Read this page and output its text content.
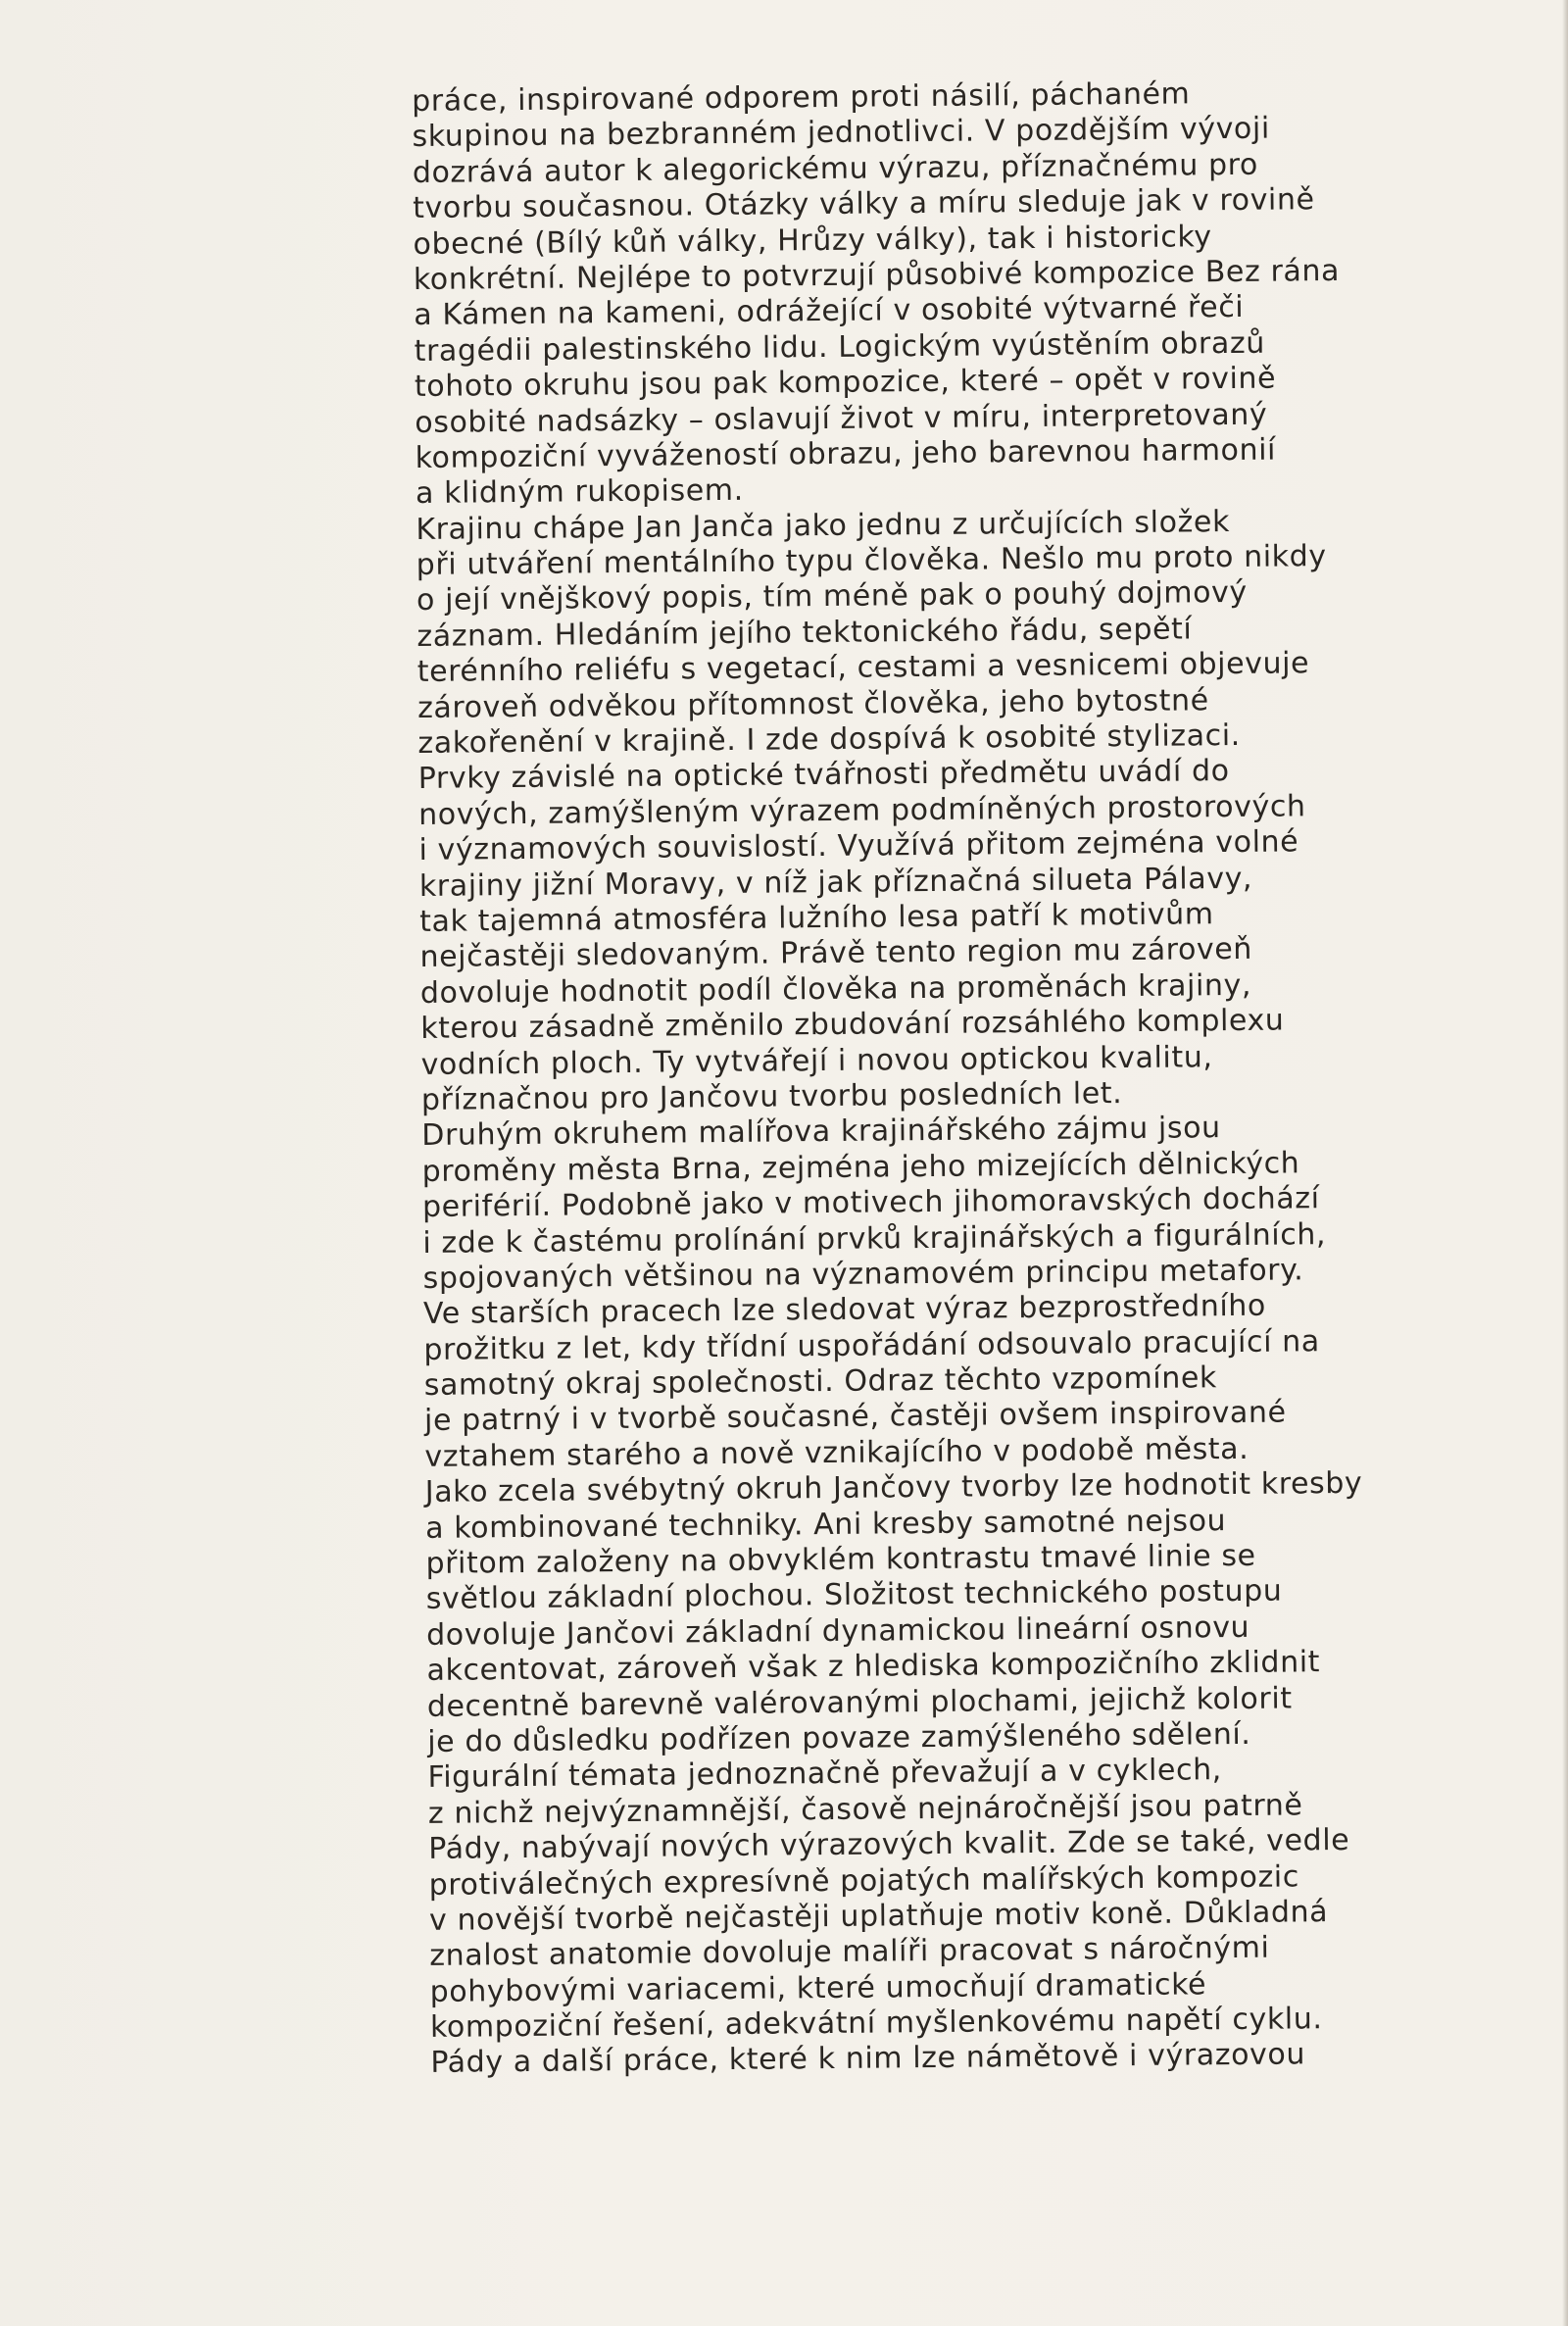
práce, inspirované odporem proti násilí, páchaném
skupinou na bezbranném jednotlivci. V pozdějším vývoji
dozrává autor k alegorickému výrazu, příznačnému pro
tvorbu současnou. Otázky války a míru sleduje jak v rovině
obecné (Bílý kůň války, Hrůzy války), tak i historicky
konkrétní. Nejlépe to potvrzují působivé kompozice Bez rána
a Kámen na kameni, odrážející v osobité výtvarné řeči
tragédii palestinského lidu. Logickým vyústěním obrazů
tohoto okruhu jsou pak kompozice, které – opět v rovině
osobité nadsázky – oslavují život v míru, interpretovaný
kompoziční vyvážeností obrazu, jeho barevnou harmonií
a klidným rukopisem.
Krajinu chápe Jan Janča jako jednu z určujících složek
při utváření mentálního typu člověka. Nešlo mu proto nikdy
o její vnějškový popis, tím méně pak o pouhý dojmový
záznam. Hledáním jejího tektonického řádu, sepětí
terénního reliéfu s vegetací, cestami a vesnicemi objevuje
zároveň odvěkou přítomnost člověka, jeho bytostné
zakořenění v krajině. I zde dospívá k osobité stylizaci.
Prvky závislé na optické tvářnosti předmětu uvádí do
nových, zamýšleným výrazem podmíněných prostorových
i významových souvislostí. Využívá přitom zejména volné
krajiny jižní Moravy, v níž jak příznačná silueta Pálavy,
tak tajemná atmosféra lužního lesa patří k motivům
nejčastěji sledovaným. Právě tento region mu zároveň
dovoluje hodnotit podíl člověka na proměnách krajiny,
kterou zásadně změnilo zbudování rozsáhlého komplexu
vodních ploch. Ty vytvářejí i novou optickou kvalitu,
příznačnou pro Jančovu tvorbu posledních let.
Druhým okruhem malířova krajinářského zájmu jsou
proměny města Brna, zejména jeho mizejících dělnických
periférií. Podobně jako v motivech jihomoravských dochází
i zde k častému prolínání prvků krajinářských a figurálních,
spojovaných většinou na významovém principu metafory.
Ve starších pracech lze sledovat výraz bezprostředního
prožitku z let, kdy třídní uspořádání odsouvalo pracující na
samotný okraj společnosti. Odraz těchto vzpomínek
je patrný i v tvorbě současné, častěji ovšem inspirované
vztahem starého a nově vznikajícího v podobě města.
Jako zcela svébytný okruh Jančovy tvorby lze hodnotit kresby
a kombinované techniky. Ani kresby samotné nejsou
přitom založeny na obvyklém kontrastu tmavé linie se
světlou základní plochou. Složitost technického postupu
dovoluje Jančovi základní dynamickou lineární osnovu
akcentovat, zároveň však z hlediska kompozičního zklidnit
decentně barevně valérovanými plochami, jejichž kolorit
je do důsledku podřízen povaze zamýšleného sdělení.
Figurální témata jednoznačně převažují a v cyklech,
z nichž nejvýznamnější, časově nejnáročnější jsou patrně
Pády, nabývají nových výrazových kvalit. Zde se také, vedle
protiválečných expresívně pojatých malířských kompozic
v novější tvorbě nejčastěji uplatňuje motiv koně. Důkladná
znalost anatomie dovoluje malíři pracovat s náročnými
pohybovými variacemi, které umocňují dramatické
kompoziční řešení, adekvátní myšlenkovému napětí cyklu.
Pády a další práce, které k nim lze námětově i výrazovou
